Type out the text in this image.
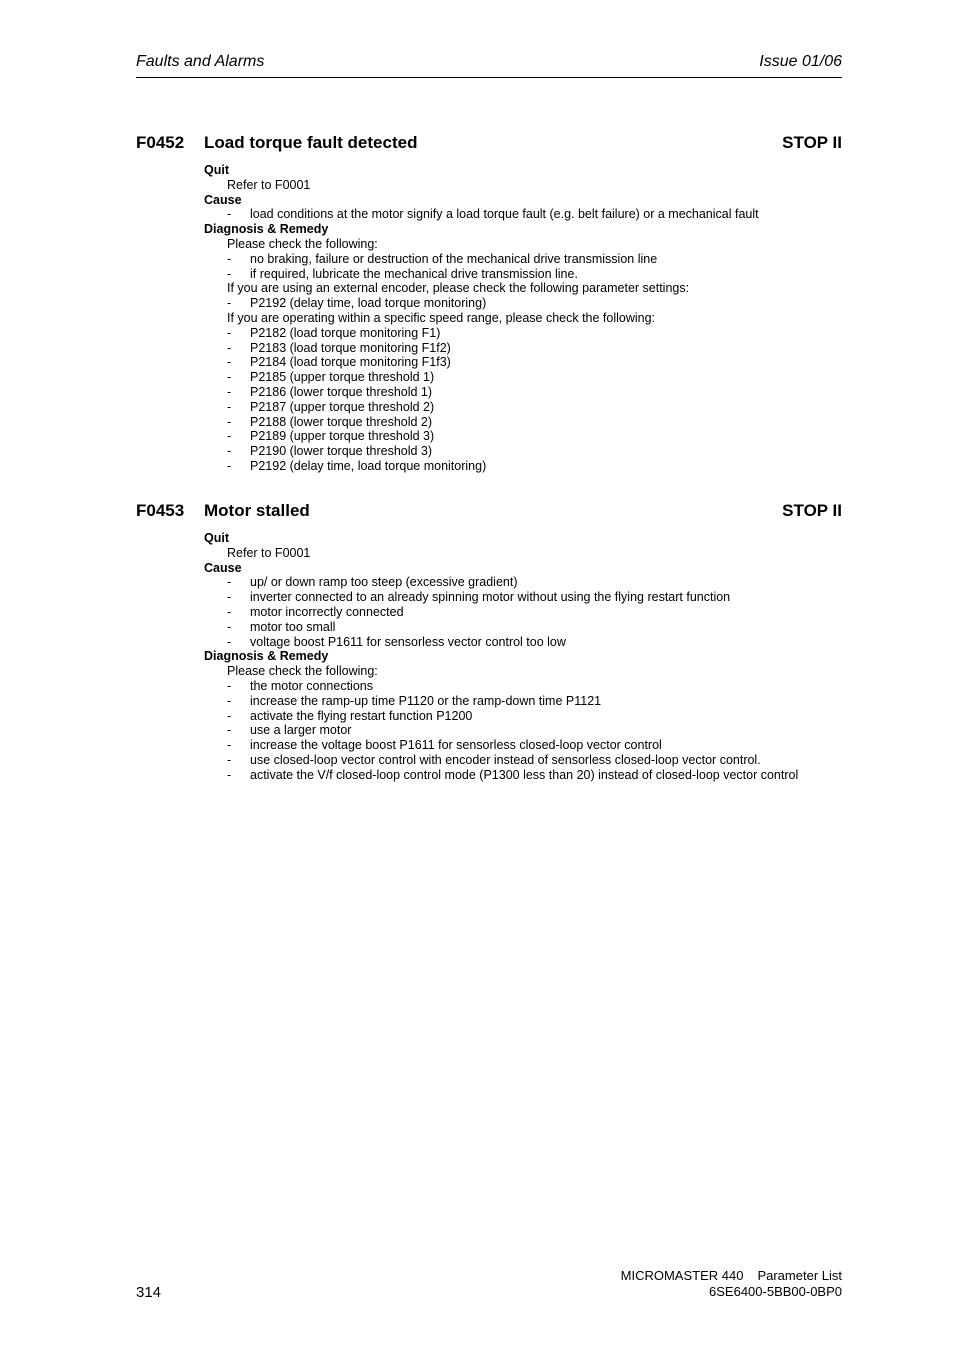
Faults and Alarms	Issue 01/06
F0452 Load torque fault detected	STOP II
Quit
Refer to F0001
Cause
- load conditions at the motor signify a load torque fault (e.g. belt failure) or a mechanical fault
Diagnosis & Remedy
Please check the following:
- no braking, failure or destruction of the mechanical drive transmission line
- if required, lubricate the mechanical drive transmission line.
If you are using an external encoder, please check the following parameter settings:
- P2192 (delay time, load torque monitoring)
If you are operating within a specific speed range, please check the following:
- P2182 (load torque monitoring F1)
- P2183 (load torque monitoring F1f2)
- P2184 (load torque monitoring F1f3)
- P2185 (upper torque threshold 1)
- P2186 (lower torque threshold 1)
- P2187 (upper torque threshold 2)
- P2188 (lower torque threshold 2)
- P2189 (upper torque threshold 3)
- P2190 (lower torque threshold 3)
- P2192 (delay time, load torque monitoring)
F0453 Motor stalled	STOP II
Quit
Refer to F0001
Cause
- up/ or down ramp too steep (excessive gradient)
- inverter connected to an already spinning motor without using the flying restart function
- motor incorrectly connected
- motor too small
- voltage boost P1611 for sensorless vector control too low
Diagnosis & Remedy
Please check the following:
- the motor connections
- increase the ramp-up time P1120 or the ramp-down time P1121
- activate the flying restart function P1200
- use a larger motor
- increase the voltage boost P1611 for sensorless closed-loop vector control
- use closed-loop vector control with encoder instead of sensorless closed-loop vector control.
- activate the V/f closed-loop control mode (P1300 less than 20) instead of closed-loop vector control
314
MICROMASTER 440 Parameter List
6SE6400-5BB00-0BP0
